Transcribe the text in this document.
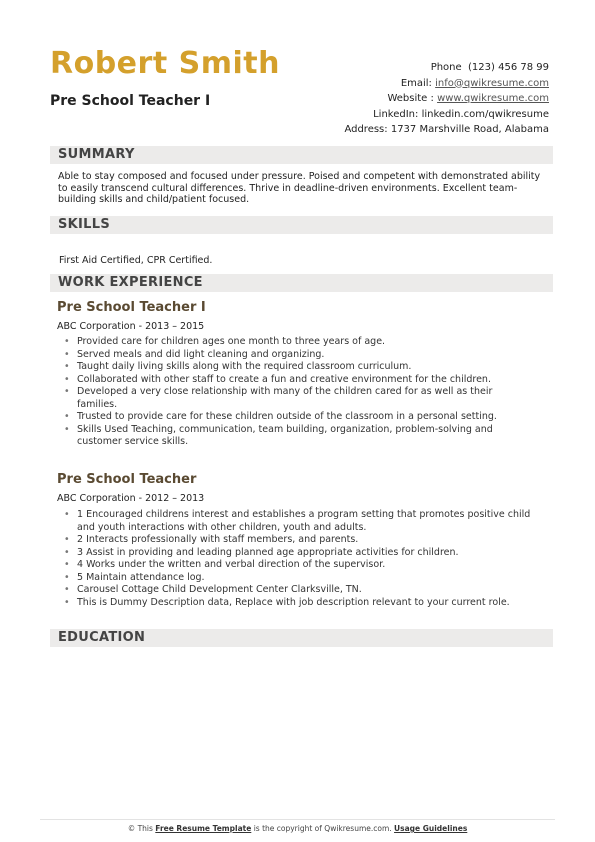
Robert Smith
Pre School Teacher I
Phone (123) 456 78 99
Email: info@qwikresume.com
Website : www.qwikresume.com
LinkedIn: linkedin.com/qwikresume
Address: 1737 Marshville Road, Alabama
SUMMARY
Able to stay composed and focused under pressure. Poised and competent with demonstrated ability to easily transcend cultural differences. Thrive in deadline-driven environments. Excellent team-building skills and child/patient focused.
SKILLS
First Aid Certified, CPR Certified.
WORK EXPERIENCE
Pre School Teacher I
ABC Corporation - 2013 – 2015
• Provided care for children ages one month to three years of age.
• Served meals and did light cleaning and organizing.
• Taught daily living skills along with the required classroom curriculum.
• Collaborated with other staff to create a fun and creative environment for the children.
• Developed a very close relationship with many of the children cared for as well as their families.
• Trusted to provide care for these children outside of the classroom in a personal setting.
• Skills Used Teaching, communication, team building, organization, problem-solving and customer service skills.
Pre School Teacher
ABC Corporation - 2012 – 2013
• 1 Encouraged childrens interest and establishes a program setting that promotes positive child and youth interactions with other children, youth and adults.
• 2 Interacts professionally with staff members, and parents.
• 3 Assist in providing and leading planned age appropriate activities for children.
• 4 Works under the written and verbal direction of the supervisor.
• 5 Maintain attendance log.
• Carousel Cottage Child Development Center Clarksville, TN.
• This is Dummy Description data, Replace with job description relevant to your current role.
EDUCATION
© This Free Resume Template is the copyright of Qwikresume.com. Usage Guidelines
